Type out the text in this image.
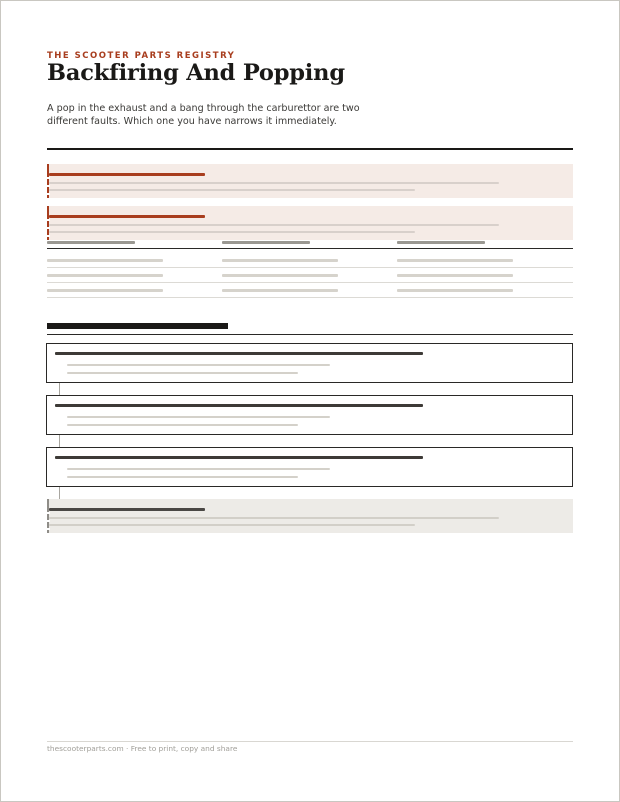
THE SCOOTER PARTS REGISTRY
Backfiring And Popping
A pop in the exhaust and a bang through the carburettor are two different faults. Which one you have narrows it immediately.
thescooterparts.com · Free to print, copy and share
